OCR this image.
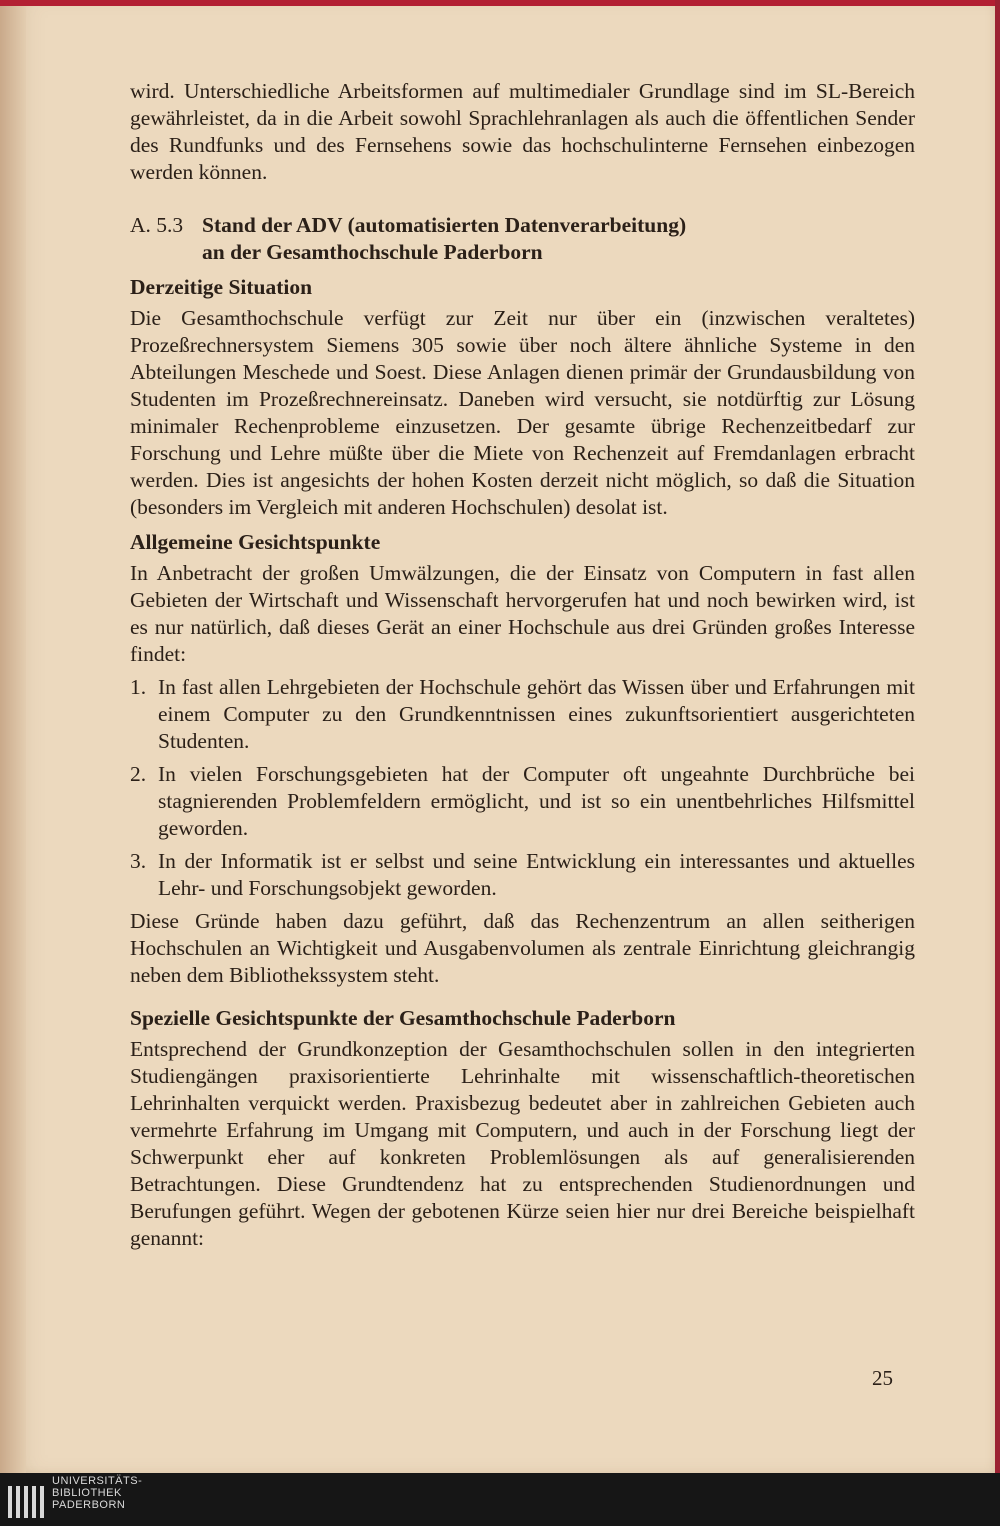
wird. Unterschiedliche Arbeitsformen auf multimedialer Grundlage sind im SL-Bereich gewährleistet, da in die Arbeit sowohl Sprachlehranlagen als auch die öffentlichen Sender des Rundfunks und des Fernsehens sowie das hochschulinterne Fernsehen einbezogen werden können.

A. 5.3 Stand der ADV (automatisierten Datenverarbeitung)
an der Gesamthochschule Paderborn
Derzeitige Situation

Die Gesamthochschule verfügt zur Zeit nur über ein (inzwischen veraltetes) Prozeßrechnersystem Siemens 305 sowie über noch ältere ähnliche Systeme in den Abteilungen Meschede und Soest. Diese Anlagen dienen primär der Grundausbildung von Studenten im Prozeßrechnereinsatz. Daneben wird versucht, sie notdürftig zur Lösung minimaler Rechenprobleme einzusetzen. Der gesamte übrige Rechenzeitbedarf zur Forschung und Lehre müßte über die Miete von Rechenzeit auf Fremdanlagen erbracht werden. Dies ist angesichts der hohen Kosten derzeit nicht möglich, so daß die Situation (besonders im Vergleich mit anderen Hochschulen) desolat ist.

Allgemeine Gesichtspunkte

In Anbetracht der großen Umwälzungen, die der Einsatz von Computern in fast allen Gebieten der Wirtschaft und Wissenschaft hervorgerufen hat und noch bewirken wird, ist es nur natürlich, daß dieses Gerät an einer Hochschule aus drei Gründen großes Interesse findet:

1. In fast allen Lehrgebieten der Hochschule gehört das Wissen über und Erfahrungen mit einem Computer zu den Grundkenntnissen eines zukunftsorientiert ausgerichteten Studenten.
2. In vielen Forschungsgebieten hat der Computer oft ungeahnte Durchbrüche bei stagnierenden Problemfeldern ermöglicht, und ist so ein unentbehrliches Hilfsmittel geworden.
3. In der Informatik ist er selbst und seine Entwicklung ein interessantes und aktuelles Lehr- und Forschungsobjekt geworden.

Diese Gründe haben dazu geführt, daß das Rechenzentrum an allen seitherigen Hochschulen an Wichtigkeit und Ausgabenvolumen als zentrale Einrichtung gleichrangig neben dem Bibliothekssystem steht.

Spezielle Gesichtspunkte der Gesamthochschule Paderborn

Entsprechend der Grundkonzeption der Gesamthochschulen sollen in den integrierten Studiengängen praxisorientierte Lehrinhalte mit wissenschaftlich-theoretischen Lehrinhalten verquickt werden. Praxisbezug bedeutet aber in zahlreichen Gebieten auch vermehrte Erfahrung im Umgang mit Computern, und auch in der Forschung liegt der Schwerpunkt eher auf konkreten Problemlösungen als auf generalisierenden Betrachtungen. Diese Grundtendenz hat zu entsprechenden Studienordnungen und Berufungen geführt. Wegen der gebotenen Kürze seien hier nur drei Bereiche beispielhaft genannt:

25
UNIVERSITÄTS-
BIBLIOTHEK
PADERBORN
